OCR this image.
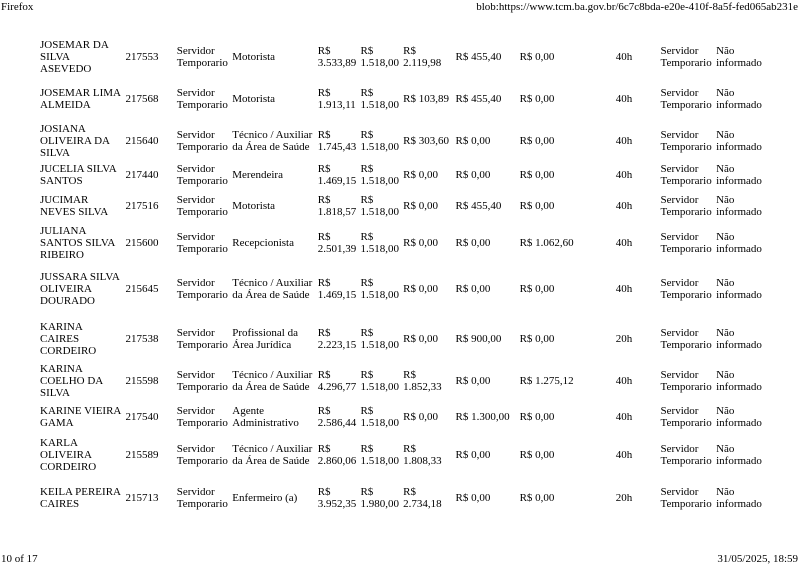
Firefox	blob:https://www.tcm.ba.gov.br/6c7c8bda-e20e-410f-8a5f-fed065ab231e
JOSEMAR DA SILVA ASEVEDO	217553	Servidor Temporario	Motorista	R$ 3.533,89	R$ 1.518,00	R$ 2.119,98	R$ 455,40	R$ 0,00	40h	Servidor Temporario	Não informado
JOSEMAR LIMA ALMEIDA	217568	Servidor Temporario	Motorista	R$ 1.913,11	R$ 1.518,00	R$ 103,89	R$ 455,40	R$ 0,00	40h	Servidor Temporario	Não informado
JOSIANA OLIVEIRA DA SILVA	215640	Servidor Temporario	Técnico / Auxiliar da Área de Saúde	R$ 1.745,43	R$ 1.518,00	R$ 303,60	R$ 0,00	R$ 0,00	40h	Servidor Temporario	Não informado
JUCELIA SILVA SANTOS	217440	Servidor Temporario	Merendeira	R$ 1.469,15	R$ 1.518,00	R$ 0,00	R$ 0,00	R$ 0,00	40h	Servidor Temporario	Não informado
JUCIMAR NEVES SILVA	217516	Servidor Temporario	Motorista	R$ 1.818,57	R$ 1.518,00	R$ 0,00	R$ 455,40	R$ 0,00	40h	Servidor Temporario	Não informado
JULIANA SANTOS SILVA RIBEIRO	215600	Servidor Temporario	Recepcionista	R$ 2.501,39	R$ 1.518,00	R$ 0,00	R$ 0,00	R$ 1.062,60	40h	Servidor Temporario	Não informado
JUSSARA SILVA OLIVEIRA DOURADO	215645	Servidor Temporario	Técnico / Auxiliar da Área de Saúde	R$ 1.469,15	R$ 1.518,00	R$ 0,00	R$ 0,00	R$ 0,00	40h	Servidor Temporario	Não informado
KARINA CAIRES CORDEIRO	217538	Servidor Temporario	Profissional da Área Jurídica	R$ 2.223,15	R$ 1.518,00	R$ 0,00	R$ 900,00	R$ 0,00	20h	Servidor Temporario	Não informado
KARINA COELHO DA SILVA	215598	Servidor Temporario	Técnico / Auxiliar da Área de Saúde	R$ 4.296,77	R$ 1.518,00	R$ 1.852,33	R$ 0,00	R$ 1.275,12	40h	Servidor Temporario	Não informado
KARINE VIEIRA GAMA	217540	Servidor Temporario	Agente Administrativo	R$ 2.586,44	R$ 1.518,00	R$ 0,00	R$ 1.300,00	R$ 0,00	40h	Servidor Temporario	Não informado
KARLA OLIVEIRA CORDEIRO	215589	Servidor Temporario	Técnico / Auxiliar da Área de Saúde	R$ 2.860,06	R$ 1.518,00	R$ 1.808,33	R$ 0,00	R$ 0,00	40h	Servidor Temporario	Não informado
KEILA PEREIRA CAIRES	215713	Servidor Temporario	Enfermeiro (a)	R$ 3.952,35	R$ 1.980,00	R$ 2.734,18	R$ 0,00	R$ 0,00	20h	Servidor Temporario	Não informado
10 of 17	31/05/2025, 18:59
